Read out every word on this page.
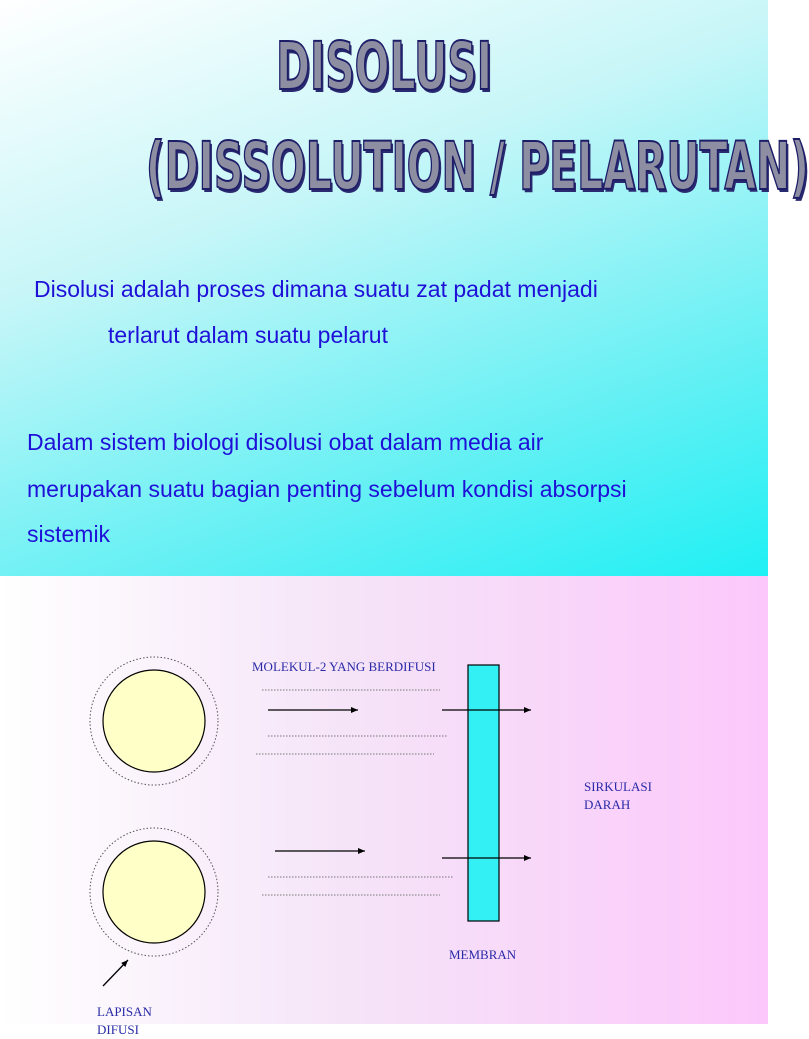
DISOLUSI
(DISSOLUTION / PELARUTAN)

Disolusi adalah proses dimana suatu zat padat menjadi

terlarut dalam suatu pelarut

Dalam sistem biologi disolusi obat dalam media air

merupakan suatu bagian penting sebelum kondisi absorpsi

sistemik

MOLEKUL-2 YANG BERDIFUSI
SIRKULASI
DARAH
MEMBRAN
LAPISAN
DIFUSI
